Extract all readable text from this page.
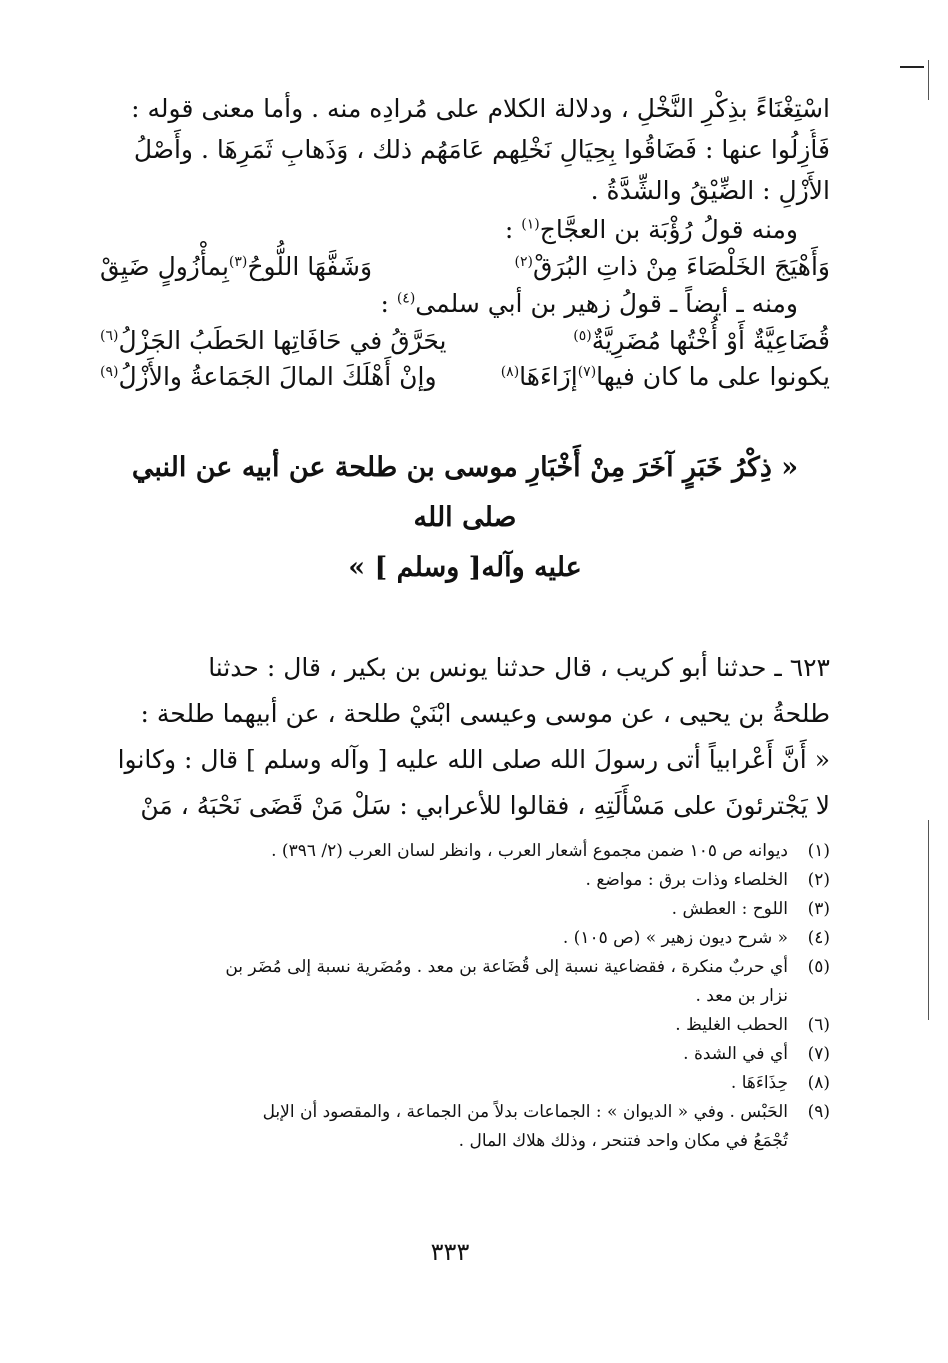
اسْتِغْنَاءً بذِكْرِ النَّخْلِ ، ودلالة الكلام على مُرادِه منه . وأما معنى قوله :
فَأُزِلُوا عنها : فَضَاقُوا بِحِيَالِ نَخْلِهم عَامَهُم ذلك ، وَذَهابِ ثَمَرِهَا . وأَصْلُ
الأَزْلِ : الضِّيْقُ والشِّدَّةُ .
ومنه قولُ رُؤْبَة بن العجَّاج$^{(١)}$ :
وَأَهْيَجَ الخَلْصَاءَ مِنْ ذاتِ البُرَقْ(٢)
وَشَفَّهَا اللُّوحُ(٣)بِمأْزُولٍ ضَيِقْ
ومنه ـ أيضاً ـ قولُ زهير بن أبي سلمى$^{(٤)}$ :
قُضَاعِيَّةٌ أَوْ أُخْتُها مُضَرِيَّةٌ(٥)
يحَرَّقُ في حَافَاتِها الحَطَبُ الجَزْلُ(٦)
يكونوا على ما كان فيها(٧)إزَاءَهَا(٨)
وإنْ أَهْلَكَ المالَ الجَمَاعةُ والأَزْلُ(٩)
« ذِكْرُ خَبَرٍ آخَرَ مِنْ أَخْبَارِ موسى بن طلحة عن أبيه عن النبي صلى الله
عليه وآله[ وسلم ] »
٦٢٣ ـ حدثنا أبو كريب ، قال حدثنا يونس بن بكير ، قال : حدثنا
طلحةُ بن يحيى ، عن موسى وعيسى ابْنَيْ طلحة ، عن أبيهما طلحة :
« أَنَّ أَعْرابياً أتى رسولَ الله صلى الله عليه [ وآله وسلم ] قال : وكانوا
لا يَجْترئونَ على مَسْأَلَتِهِ ، فقالوا للأعرابي : سَلْ مَنْ قَضَى نَحْبَهُ ، مَنْ
(١)
ديوانه ص ١٠٥ ضمن مجموع أشعار العرب ، وانظر لسان العرب (٢/ ٣٩٦) .
(٢)
الخلصاء وذات برق : مواضع .
(٣)
اللوح : العطش .
(٤)
« شرح ديون زهير » (ص ١٠٥) .
(٥)
أي حربٌ منكرة ، فقضاعية نسبة إلى قُضَاعة بن معد . ومُضَرية نسبة إلى مُضَر بن
نزار بن معد .
(٦)
الحطب الغليظ .
(٧)
أي في الشدة .
(٨)
حِذَاءَهَا .
(٩)
الحَبْس . وفي « الديوان » : الجماعات بدلاً من الجماعة ، والمقصود أن الإبل
تُجْمَعُ في مكان واحد فتنحر ، وذلك هلاك المال .
٣٣٣
